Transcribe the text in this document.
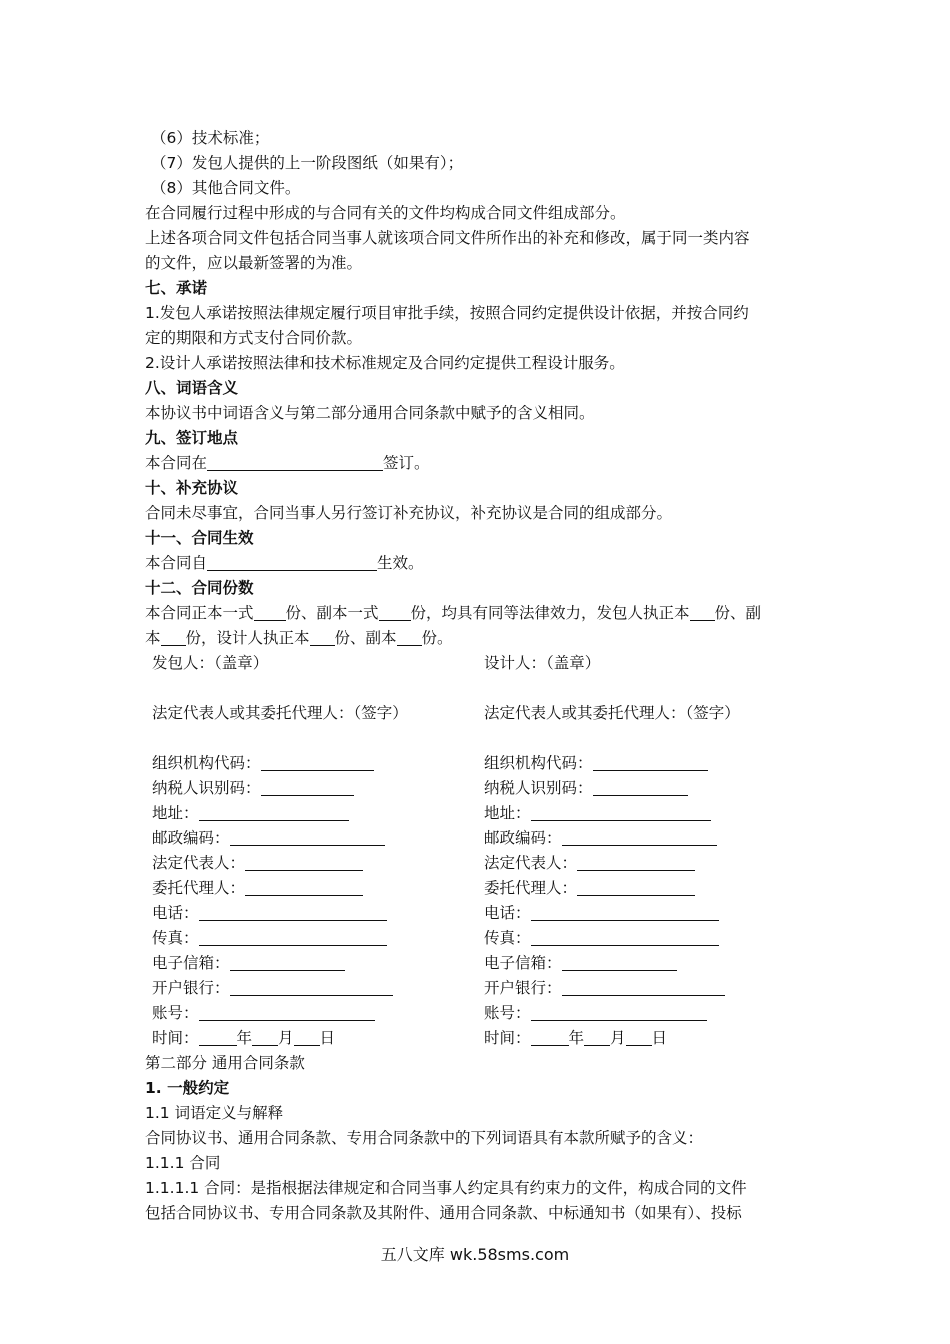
（6）技术标准；
（7）发包人提供的上一阶段图纸（如果有）；
（8）其他合同文件。
在合同履行过程中形成的与合同有关的文件均构成合同文件组成部分。
上述各项合同文件包括合同当事人就该项合同文件所作出的补充和修改，属于同一类内容
的文件，应以最新签署的为准。
七、承诺
1.发包人承诺按照法律规定履行项目审批手续，按照合同约定提供设计依据，并按合同约
定的期限和方式支付合同价款。
2.设计人承诺按照法律和技术标准规定及合同约定提供工程设计服务。
八、词语含义
本协议书中词语含义与第二部分通用合同条款中赋予的含义相同。
九、签订地点
本合同在	签订。
十、补充协议
合同未尽事宜，合同当事人另行签订补充协议，补充协议是合同的组成部分。
十一、合同生效
本合同自	生效。
十二、合同份数
本合同正本一式 份、副本一式 份，均具有同等法律效力，发包人执正本 份、副
本 份，设计人执正本 份、副本 份。
发包人：（盖章）	设计人：（盖章）
法定代表人或其委托代理人：（签字）	法定代表人或其委托代理人：（签字）
组织机构代码：	组织机构代码：
纳税人识别码：	纳税人识别码：
地址：	地址：
邮政编码：	邮政编码：
法定代表人：	法定代表人：
委托代理人：	委托代理人：
电话：	电话：
传真：	传真：
电子信箱：	电子信箱：
开户银行：	开户银行：
账号：	账号：
时间： 年 月 日	时间： 年 月 日
第二部分 通用合同条款
1. 一般约定
1.1 词语定义与解释
合同协议书、通用合同条款、专用合同条款中的下列词语具有本款所赋予的含义：
1.1.1 合同
1.1.1.1 合同：是指根据法律规定和合同当事人约定具有约束力的文件，构成合同的文件
包括合同协议书、专用合同条款及其附件、通用合同条款、中标通知书（如果有）、投标
五八文库 wk.58sms.com
